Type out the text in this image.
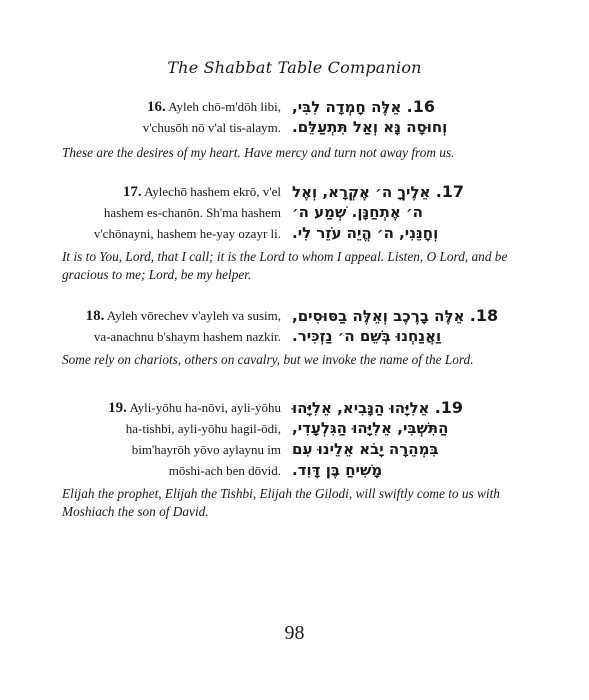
The Shabbat Table Companion
16. Ayleh chō-m'dōh libi,	16. אֵלֶּה חָמְדָה לִבִּי,
v'chusōh nō v'al tis-alaym. וְחוּסָה נָּא וְאַל תִּתְעַלֵּם.
These are the desires of my heart. Have mercy and turn not away from us.
17. Aylechō hashem ekrō, v'el	17. אֵלֶיךָ ה׳ אֶקְרָא, וְאֶל
hashem es-chanōn. Sh'ma hashem ה׳ אֶתְחַנָּן. שְׁמַע ה׳
v'chōnayni, hashem he-yay ozayr li. וְחָנֵּנִי, ה׳ הֱיֵה עֹזֵר לִי.
It is to You, Lord, that I call; it is the Lord to whom I appeal. Listen, O Lord, and be gracious to me; Lord, be my helper.
18. Ayleh vōrechev v'ayleh va susim,	18. אֵלֶּה בָרֶכֶב וְאֵלֶּה בַסּוּסִים,
va-anachnu b'shaym hashem nazkir. וַאֲנַחְנוּ בְּשֵׁם ה׳ נַזְכִּיר.
Some rely on chariots, others on cavalry, but we invoke the name of the Lord.
19. Ayli-yōhu ha-nōvi, ayli-yōhu	19. אֵלִיָּהוּ הַנָּבִיא, אֵלִיָּהוּ
ha-tishbi, ayli-yōhu hagil-ōdi, הַתִּשְׁבִּי, אֵלִיָּהוּ הַגִּלְעָדִי,
bim'hayrōh yōvo aylaynu im בִּמְהֵרָה יָבֹא אֵלֵינוּ עִם
mōshi-ach ben dōvid. מָשִׁיחַ בֶּן דָּוִד.
Elijah the prophet, Elijah the Tishbi, Elijah the Gilodi, will swiftly come to us with Moshiach the son of David.
98
